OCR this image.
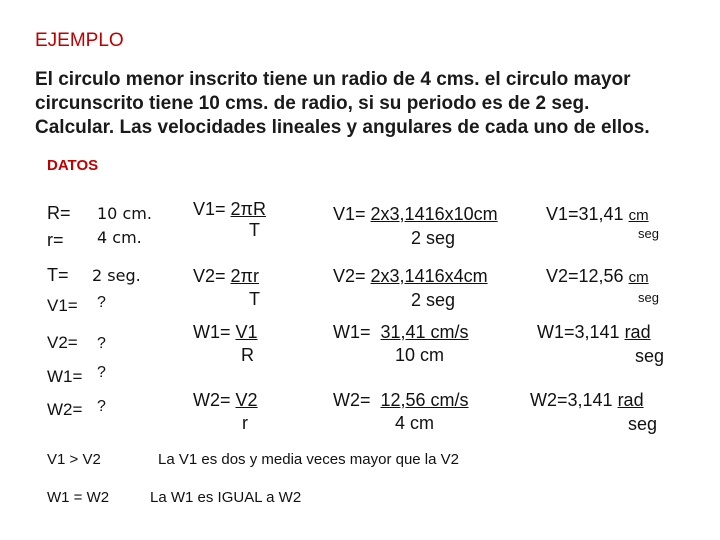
EJEMPLO
El circulo menor inscrito tiene un radio de 4 cms. el circulo mayor
circunscrito tiene 10 cms. de radio, si su periodo es de 2 seg.
Calcular. Las velocidades lineales y angulares de cada uno de ellos.
DATOS
R= 10 cm.
r= 4 cm.
T= 2 seg.
V1= ?
V2= ?
W1= ?
W2= ?
V1= 2πR
T
V2= 2πr
T
W1= V1
R
W2= V2
r
V1= 2x3,1416x10cm
2 seg
V2= 2x3,1416x4cm
2 seg
W1=  31,41 cm/s
10 cm
W2=  12,56 cm/s
4 cm
V1=31,41 cm
seg
V2=12,56 cm
seg
W1=3,141 rad
seg
W2=3,141 rad
seg
V1 > V2	La V1 es dos y media veces mayor que la V2
W1 = W2	La W1 es IGUAL a W2
